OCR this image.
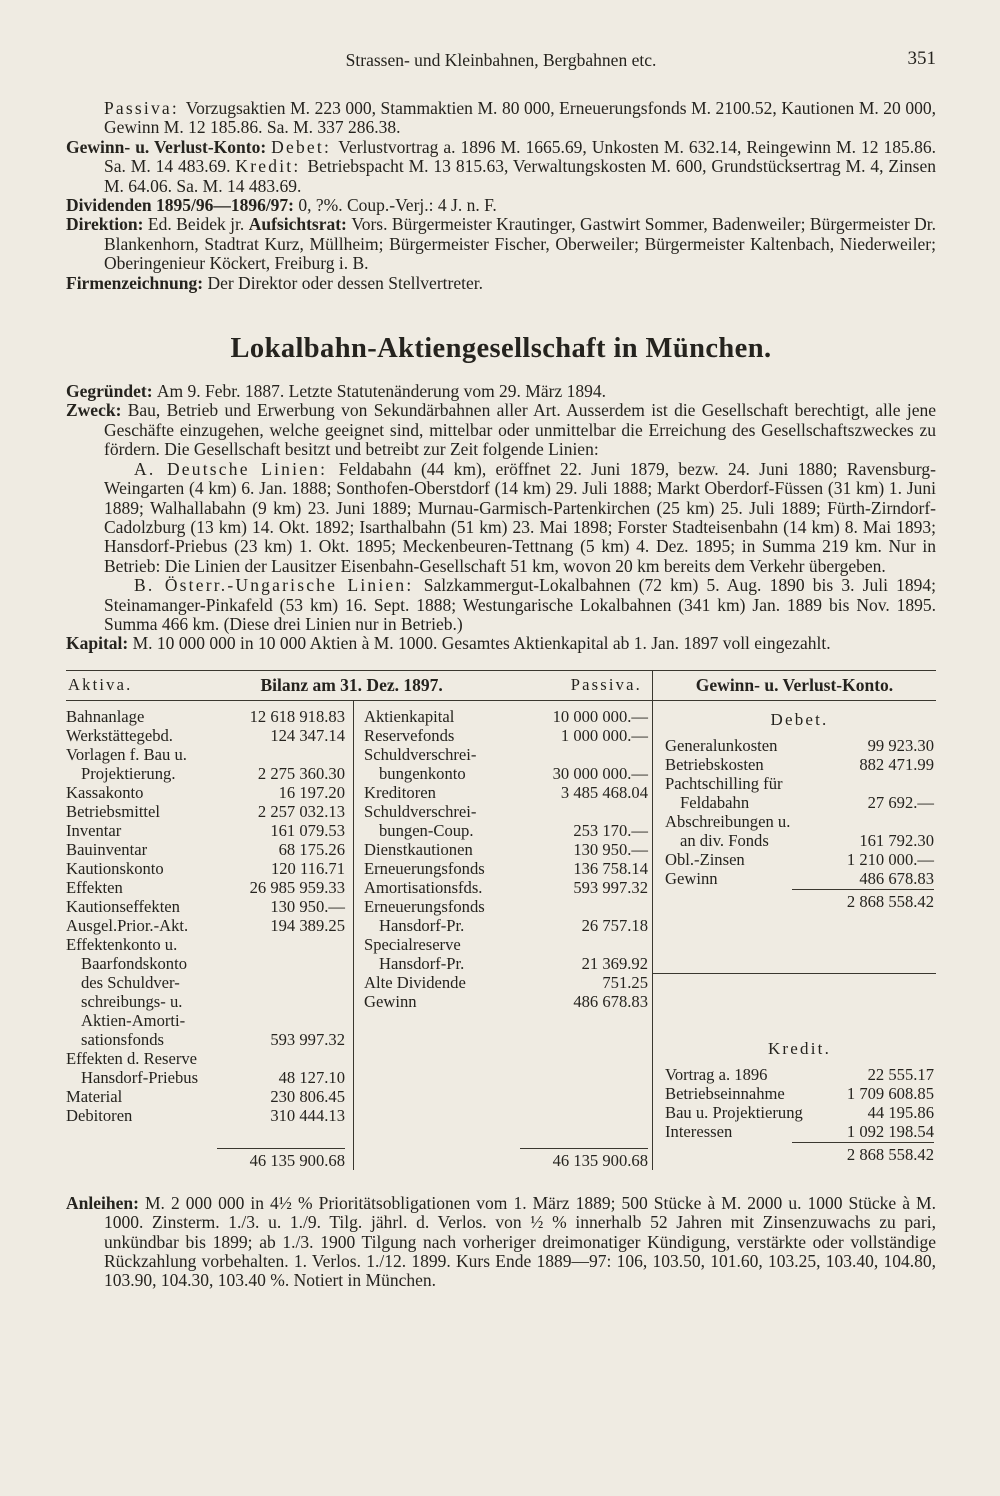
Strassen- und Kleinbahnen, Bergbahnen etc.	351

Passiva: Vorzugsaktien M. 223 000, Stammaktien M. 80 000, Erneuerungsfonds M. 2100.52, Kautionen M. 20 000, Gewinn M. 12 185.86. Sa. M. 337 286.38.

Gewinn- u. Verlust-Konto: Debet: Verlustvortrag a. 1896 M. 1665.69, Unkosten M. 632.14, Reingewinn M. 12 185.86. Sa. M. 14 483.69. Kredit: Betriebspacht M. 13 815.63, Verwaltungskosten M. 600, Grundstücksertrag M. 4, Zinsen M. 64.06. Sa. M. 14 483.69.

Dividenden 1895/96—1896/97: 0, ?%. Coup.-Verj.: 4 J. n. F.

Direktion: Ed. Beidek jr. Aufsichtsrat: Vors. Bürgermeister Krautinger, Gastwirt Sommer, Badenweiler; Bürgermeister Dr. Blankenhorn, Stadtrat Kurz, Müllheim; Bürgermeister Fischer, Oberweiler; Bürgermeister Kaltenbach, Niederweiler; Oberingenieur Köckert, Freiburg i. B.

Firmenzeichnung: Der Direktor oder dessen Stellvertreter.

Lokalbahn-Aktiengesellschaft in München.

Gegründet: Am 9. Febr. 1887. Letzte Statutenänderung vom 29. März 1894.

Zweck: Bau, Betrieb und Erwerbung von Sekundärbahnen aller Art. Ausserdem ist die Gesellschaft berechtigt, alle jene Geschäfte einzugehen, welche geeignet sind, mittelbar oder unmittelbar die Erreichung des Gesellschaftszweckes zu fördern. Die Gesellschaft besitzt und betreibt zur Zeit folgende Linien:

A. Deutsche Linien: Feldabahn (44 km), eröffnet 22. Juni 1879, bezw. 24. Juni 1880; Ravensburg-Weingarten (4 km) 6. Jan. 1888; Sonthofen-Oberstdorf (14 km) 29. Juli 1888; Markt Oberdorf-Füssen (31 km) 1. Juni 1889; Walhallabahn (9 km) 23. Juni 1889; Murnau-Garmisch-Partenkirchen (25 km) 25. Juli 1889; Fürth-Zirndorf-Cadolzburg (13 km) 14. Okt. 1892; Isarthalbahn (51 km) 23. Mai 1898; Forster Stadteisenbahn (14 km) 8. Mai 1893; Hansdorf-Priebus (23 km) 1. Okt. 1895; Meckenbeuren-Tettnang (5 km) 4. Dez. 1895; in Summa 219 km. Nur in Betrieb: Die Linien der Lausitzer Eisenbahn-Gesellschaft 51 km, wovon 20 km bereits dem Verkehr übergeben.

B. Österr.-Ungarische Linien: Salzkammergut-Lokalbahnen (72 km) 5. Aug. 1890 bis 3. Juli 1894; Steinamanger-Pinkafeld (53 km) 16. Sept. 1888; Westungarische Lokalbahnen (341 km) Jan. 1889 bis Nov. 1895. Summa 466 km. (Diese drei Linien nur in Betrieb.)

Kapital: M. 10 000 000 in 10 000 Aktien à M. 1000. Gesamtes Aktienkapital ab 1. Jan. 1897 voll eingezahlt.

Aktiva.	Bilanz am 31. Dez. 1897.	Passiva.
Bahnanlage	12 618 918.83
Werkstättegebd.	124 347.14
Vorlagen f. Bau u.
Projektierung.	2 275 360.30
Kassakonto	16 197.20
Betriebsmittel	2 257 032.13
Inventar	161 079.53
Bauinventar	68 175.26
Kautionskonto	120 116.71
Effekten	26 985 959.33
Kautionseffekten	130 950.—
Ausgel.Prior.-Akt.	194 389.25
Effektenkonto u.
Baarfondskonto
des Schuldver-
schreibungs- u.
Aktien-Amorti-
sationsfonds	593 997.32
Effekten d. Reserve
Hansdorf-Priebus	48 127.10
Material	230 806.45
Debitoren	310 444.13
46 135 900.68
Aktienkapital	10 000 000.—
Reservefonds	1 000 000.—
Schuldverschrei-
bungenkonto	30 000 000.—
Kreditoren	3 485 468.04
Schuldverschrei-
bungen-Coup.	253 170.—
Dienstkautionen	130 950.—
Erneuerungsfonds	136 758.14
Amortisationsfds.	593 997.32
Erneuerungsfonds
Hansdorf-Pr.	26 757.18
Specialreserve
Hansdorf-Pr.	21 369.92
Alte Dividende	751.25
Gewinn	486 678.83
46 135 900.68
Gewinn- u. Verlust-Konto.
Debet.
Generalunkosten	99 923.30
Betriebskosten	882 471.99
Pachtschilling für
Feldabahn	27 692.—
Abschreibungen u.
an div. Fonds	161 792.30
Obl.-Zinsen	1 210 000.—
Gewinn	486 678.83
2 868 558.42
Kredit.
Vortrag a. 1896	22 555.17
Betriebseinnahme	1 709 608.85
Bau u. Projektierung	44 195.86
Interessen	1 092 198.54
2 868 558.42

Anleihen: M. 2 000 000 in 4½ % Prioritätsobligationen vom 1. März 1889; 500 Stücke à M. 2000 u. 1000 Stücke à M. 1000. Zinsterm. 1./3. u. 1./9. Tilg. jährl. d. Verlos. von ½ % innerhalb 52 Jahren mit Zinsenzuwachs zu pari, unkündbar bis 1899; ab 1./3. 1900 Tilgung nach vorheriger dreimonatiger Kündigung, verstärkte oder vollständige Rückzahlung vorbehalten. 1. Verlos. 1./12. 1899. Kurs Ende 1889—97: 106, 103.50, 101.60, 103.25, 103.40, 104.80, 103.90, 104.30, 103.40 %. Notiert in München.
